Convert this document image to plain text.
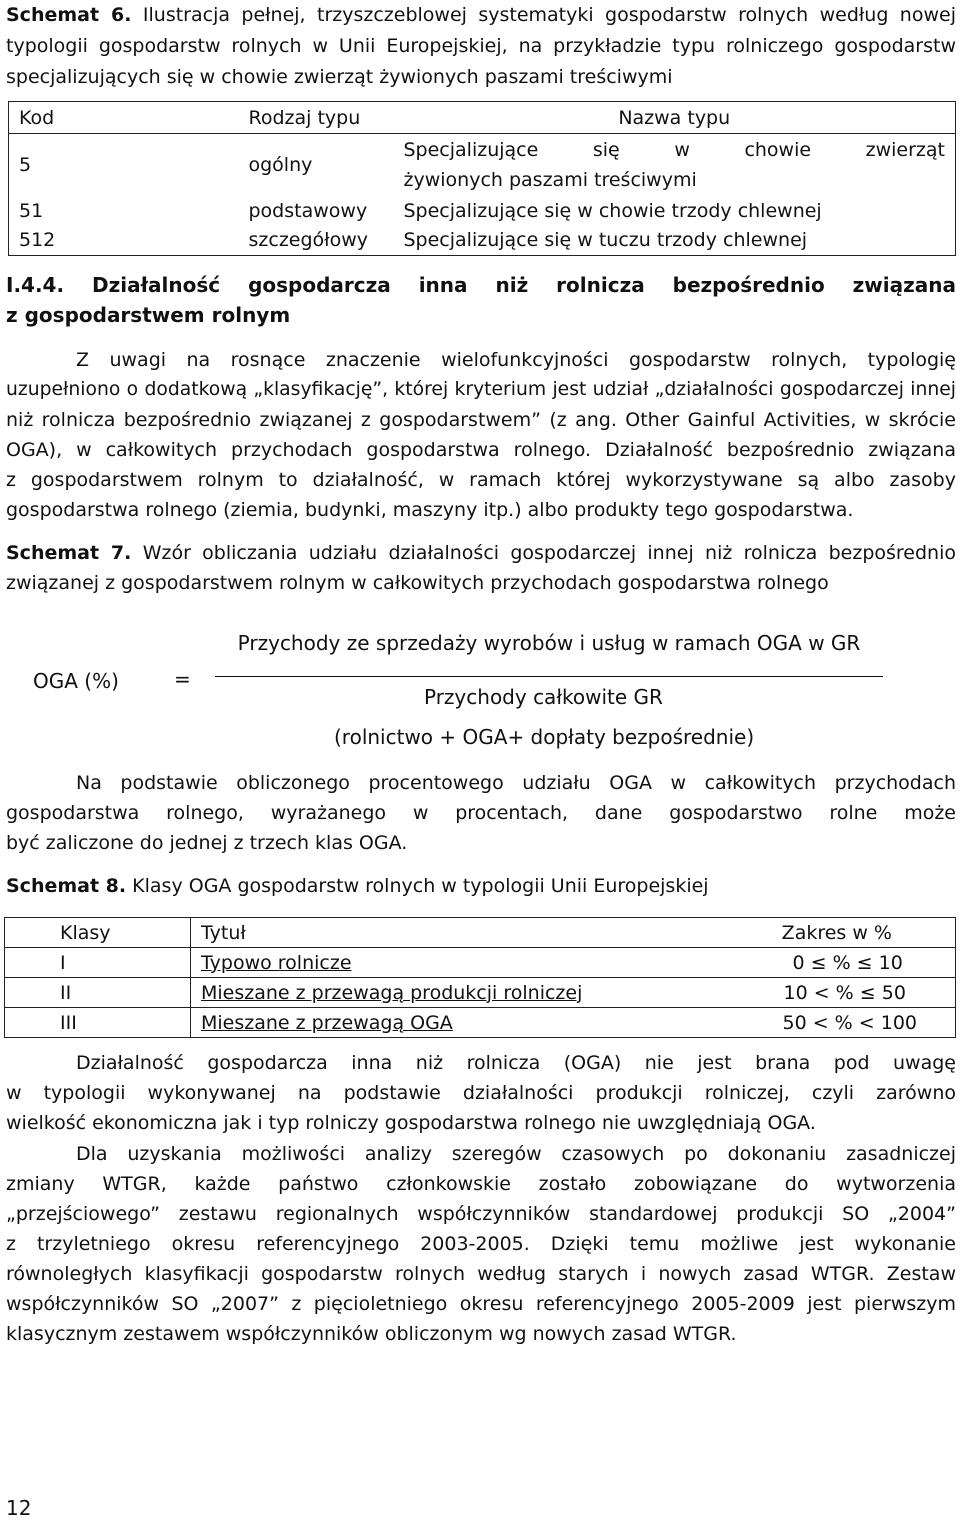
Schemat 6. Ilustracja pełnej, trzyszczeblowej systematyki gospodarstw rolnych według nowej
typologii gospodarstw rolnych w Unii Europejskiej, na przykładzie typu rolniczego gospodarstw
specjalizujących się w chowie zwierząt żywionych paszami treściwymi
Kod	Rodzaj typu	Nazwa typu
5	ogólny	Specjalizujące się w chowie zwierząt
żywionych paszami treściwymi

51	podstawowy	Specjalizujące się w chowie trzody chlewnej
512	szczegółowy	Specjalizujące się w tuczu trzody chlewnej
I.4.4. Działalność gospodarcza inna niż rolnicza bezpośrednio związana
z gospodarstwem rolnym
Z uwagi na rosnące znaczenie wielofunkcyjności gospodarstw rolnych, typologię
uzupełniono o dodatkową „klasyfikację”, której kryterium jest udział „działalności gospodarczej innej
niż rolnicza bezpośrednio związanej z gospodarstwem” (z ang. Other Gainful Activities, w skrócie
OGA), w całkowitych przychodach gospodarstwa rolnego. Działalność bezpośrednio związana
z gospodarstwem rolnym to działalność, w ramach której wykorzystywane są albo zasoby
gospodarstwa rolnego (ziemia, budynki, maszyny itp.) albo produkty tego gospodarstwa.
Schemat 7. Wzór obliczania udziału działalności gospodarczej innej niż rolnicza bezpośrednio
związanej z gospodarstwem rolnym w całkowitych przychodach gospodarstwa rolnego
OGA (%)	=
Przychody ze sprzedaży wyrobów i usług w ramach OGA w GR
Przychody całkowite GR
(rolnictwo + OGA+ dopłaty bezpośrednie)
Na podstawie obliczonego procentowego udziału OGA w całkowitych przychodach
gospodarstwa rolnego, wyrażanego w procentach, dane gospodarstwo rolne może
być zaliczone do jednej z trzech klas OGA.
Schemat 8. Klasy OGA gospodarstw rolnych w typologii Unii Europejskiej
Klasy	Tytuł	Zakres w %
I	Typowo rolnicze	0 ≤ % ≤ 10
II	Mieszane z przewagą produkcji rolniczej	10 < % ≤ 50
III	Mieszane z przewagą OGA	50 < % < 100
Działalność gospodarcza inna niż rolnicza (OGA) nie jest brana pod uwagę
w typologii wykonywanej na podstawie działalności produkcji rolniczej, czyli zarówno
wielkość ekonomiczna jak i typ rolniczy gospodarstwa rolnego nie uwzględniają OGA.
Dla uzyskania możliwości analizy szeregów czasowych po dokonaniu zasadniczej
zmiany WTGR, każde państwo członkowskie zostało zobowiązane do wytworzenia
„przejściowego” zestawu regionalnych współczynników standardowej produkcji SO „2004”
z trzyletniego okresu referencyjnego 2003-2005. Dzięki temu możliwe jest wykonanie
równoległych klasyfikacji gospodarstw rolnych według starych i nowych zasad WTGR. Zestaw
współczynników SO „2007” z pięcioletniego okresu referencyjnego 2005-2009 jest pierwszym
klasycznym zestawem współczynników obliczonym wg nowych zasad WTGR.
12
